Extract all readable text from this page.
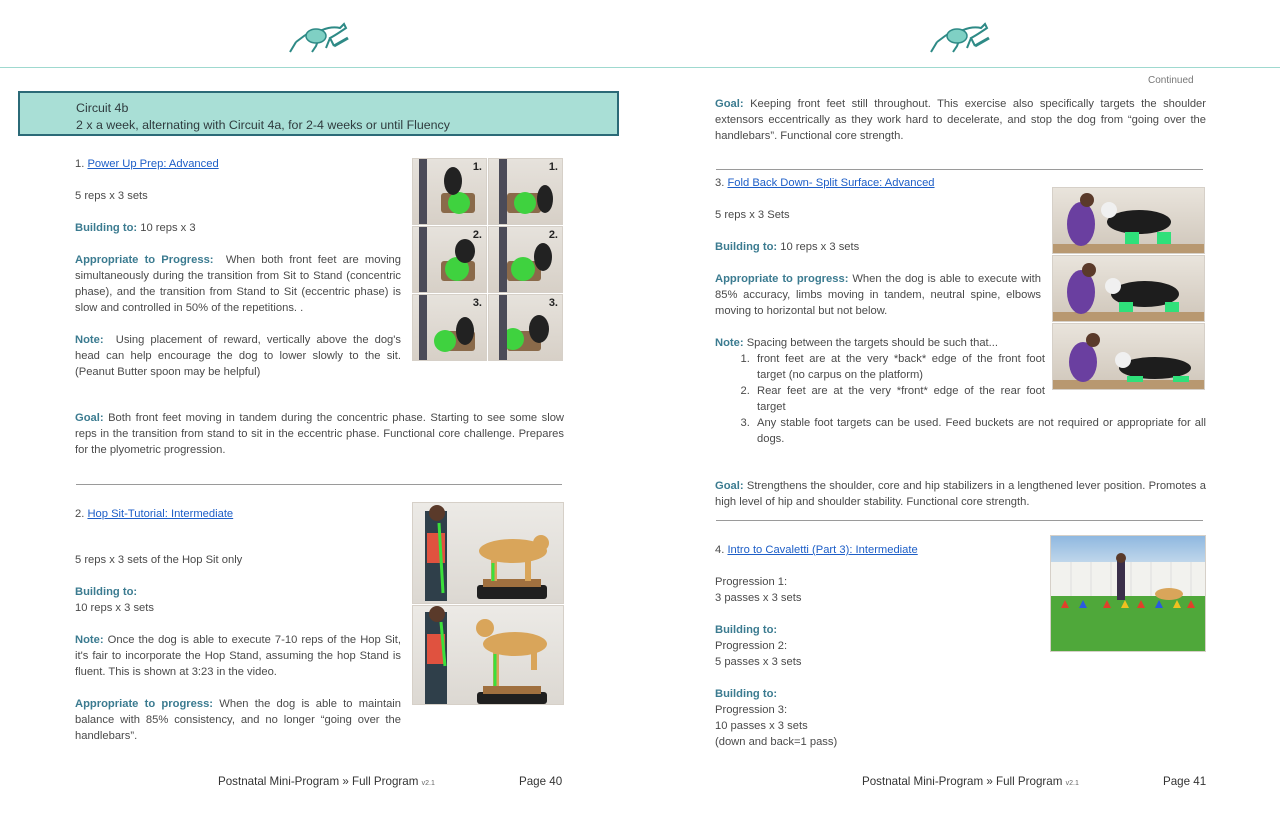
Circuit 4b
2 x a week, alternating with Circuit 4a, for 2-4 weeks or until Fluency

1. Power Up Prep: Advanced

5 reps x 3 sets

Building to: 10 reps x 3

Appropriate to Progress: When both front feet are moving simultaneously during the transition from Sit to Stand (concentric phase), and the transition from Stand to Sit (eccentric phase) is slow and controlled in 50% of the repetitions. .

Note: Using placement of reward, vertically above the dog's head can help encourage the dog to lower slowly to the sit. (Peanut Butter spoon may be helpful)

Goal: Both front feet moving in tandem during the concentric phase. Starting to see some slow reps in the transition from stand to sit in the eccentric phase. Functional core challenge. Prepares for the plyometric progression.

1.	1.
2.	2.
3.	3.

2. Hop Sit-Tutorial: Intermediate

5 reps x 3 sets of the Hop Sit only

Building to:

10 reps x 3 sets

Note: Once the dog is able to execute 7-10 reps of the Hop Sit, it's fair to incorporate the Hop Stand, assuming the hop Stand is fluent. This is shown at 3:23 in the video.

Appropriate to progress: When the dog is able to maintain balance with 85% consistency, and no longer “going over the handlebars”.

Postnatal Mini-Program » Full Program v2.1	Page 40
Continued

Goal: Keeping front feet still throughout. This exercise also specifically targets the shoulder extensors eccentrically as they work hard to decelerate, and stop the dog from “going over the handlebars”. Functional core strength.

3. Fold Back Down- Split Surface: Advanced

5 reps x 3 Sets

Building to: 10 reps x 3 sets

Appropriate to progress: When the dog is able to execute with 85% accuracy, limbs moving in tandem, neutral spine, elbows moving to horizontal but not below.

Note: Spacing between the targets should be such that...

1. front feet are at the very *back* edge of the front foot target (no carpus on the platform)
2. Rear feet are at the very *front* edge of the rear foot target
3. Any stable foot targets can be used. Feed buckets are not required or appropriate for all dogs.

Goal: Strengthens the shoulder, core and hip stabilizers in a lengthened lever position. Promotes a high level of hip and shoulder stability. Functional core strength.

4. Intro to Cavaletti (Part 3): Intermediate

Progression 1:

3 passes x 3 sets

Building to:

Progression 2:

5 passes x 3 sets

Building to:

Progression 3:

10 passes x 3 sets

(down and back=1 pass)

Postnatal Mini-Program » Full Program v2.1	Page 41
